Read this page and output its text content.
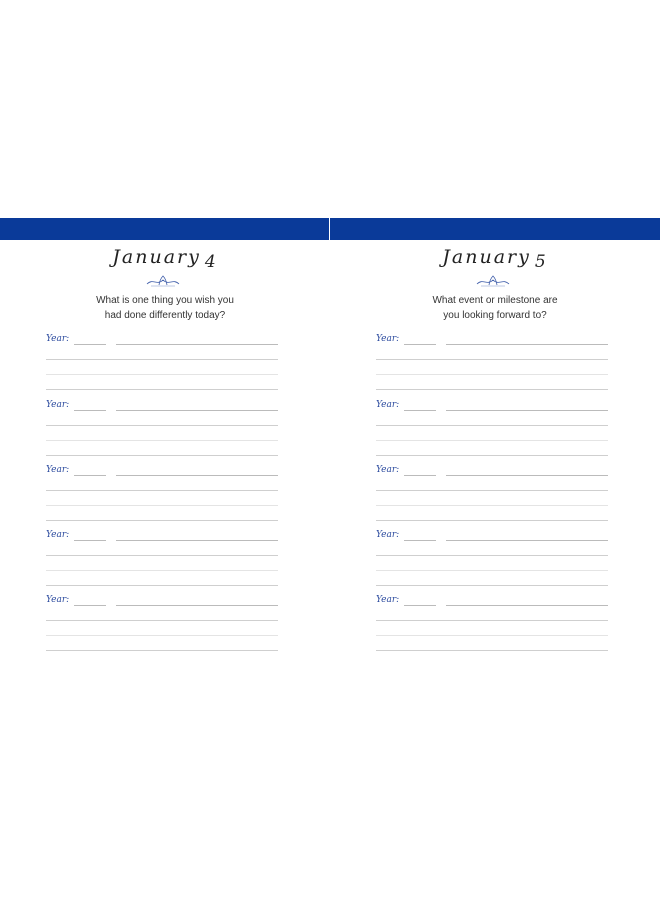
January 4
What is one thing you wish you
had done differently today?
Year:
Year:
Year:
Year:
Year:
January 5
What event or milestone are
you looking forward to?
Year:
Year:
Year:
Year:
Year:
